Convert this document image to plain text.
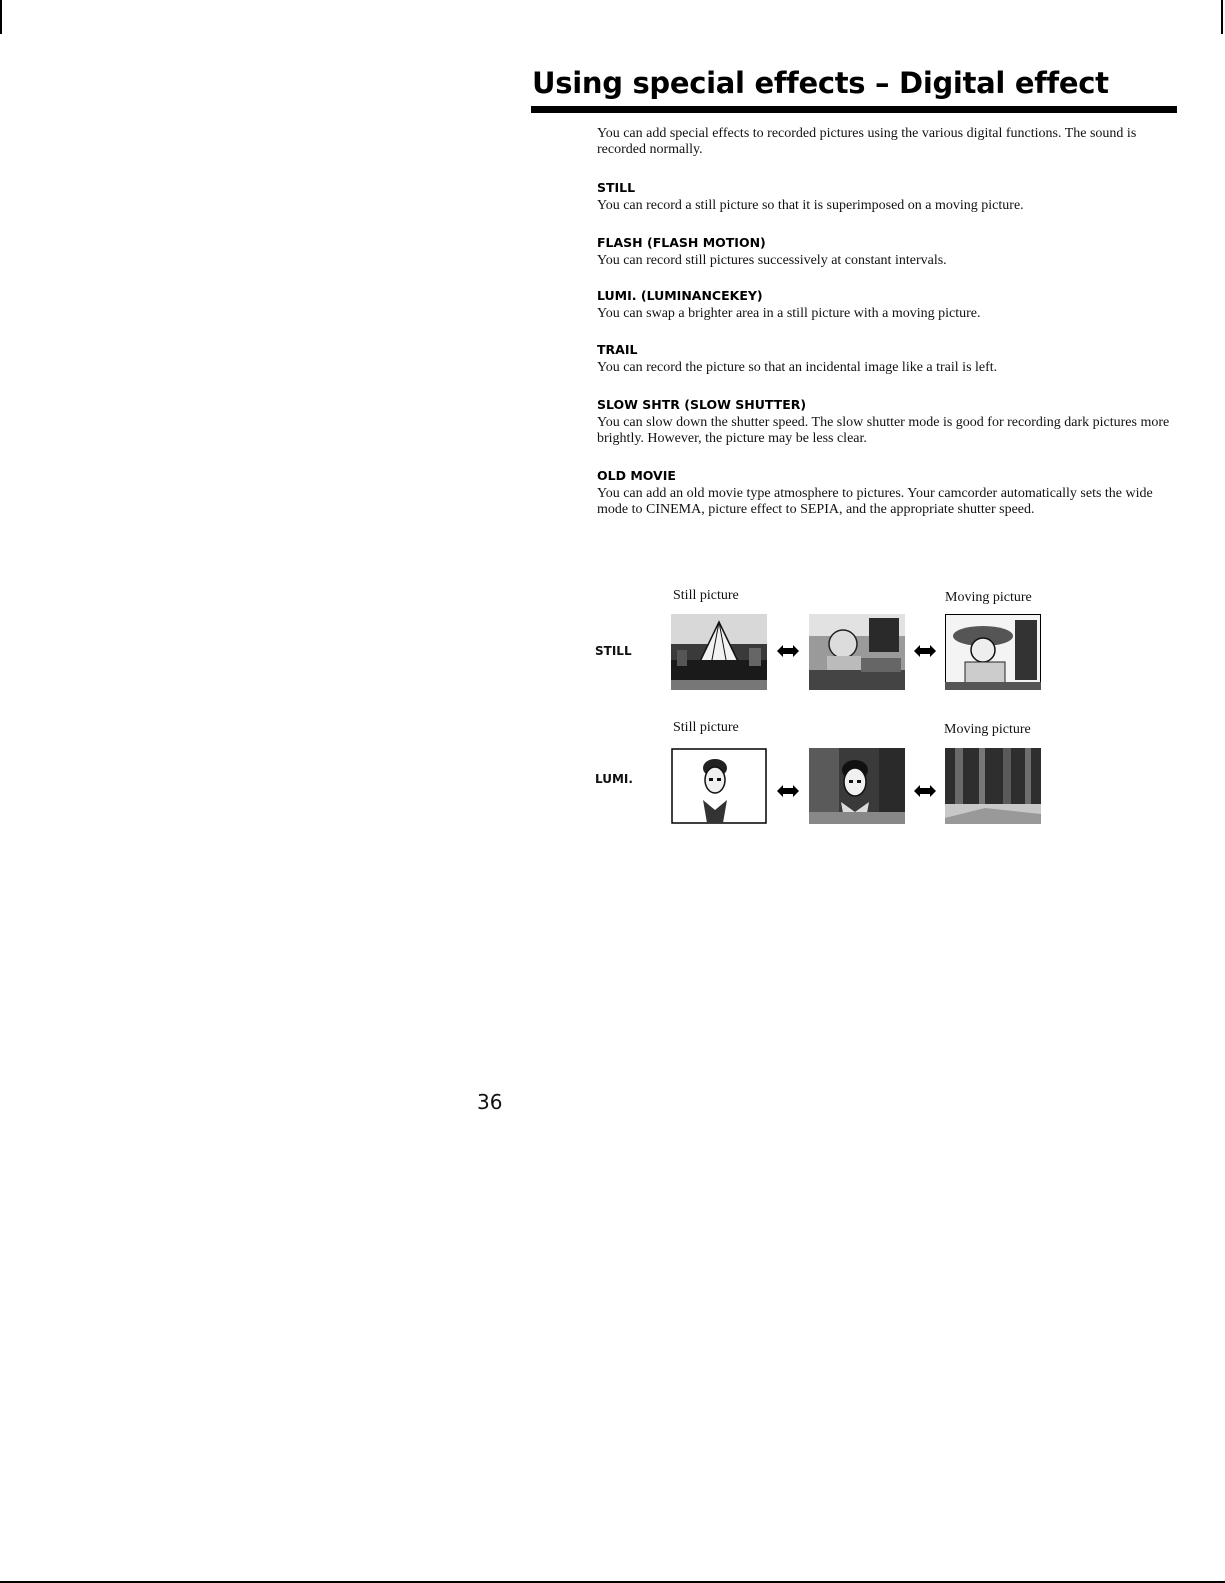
Using special effects – Digital effect
You can add special effects to recorded pictures using the various digital functions. The sound is recorded normally.
STILL

You can record a still picture so that it is superimposed on a moving picture.

FLASH (FLASH MOTION)

You can record still pictures successively at constant intervals.

LUMI. (LUMINANCEKEY)

You can swap a brighter area in a still picture with a moving picture.

TRAIL

You can record the picture so that an incidental image like a trail is left.

SLOW SHTR (SLOW SHUTTER)

You can slow down the shutter speed. The slow shutter mode is good for recording dark pictures more brightly. However, the picture may be less clear.

OLD MOVIE

You can add an old movie type atmosphere to pictures. Your camcorder automatically sets the wide mode to CINEMA, picture effect to SEPIA, and the appropriate shutter speed.

Still picture	Moving picture
STILL
Still picture	Moving picture
LUMI.
36
